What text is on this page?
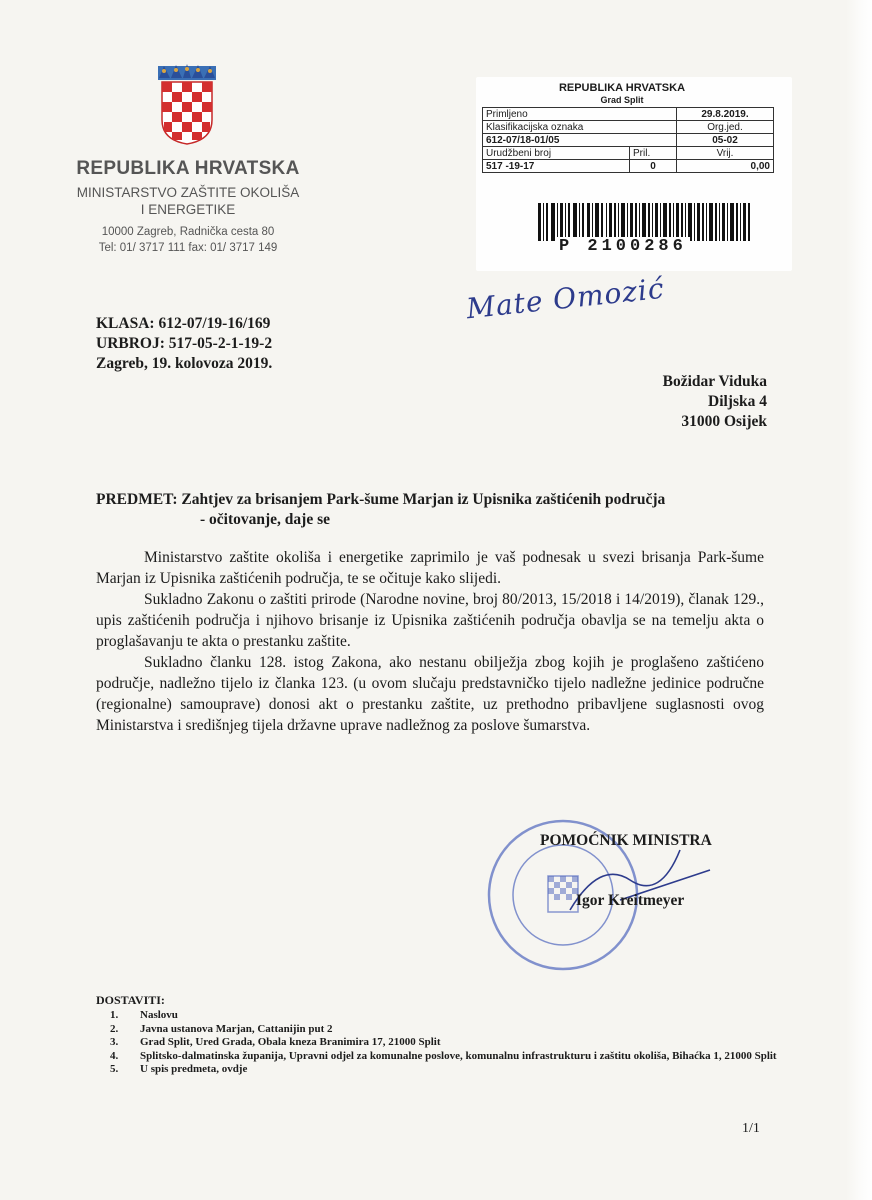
REPUBLIKA HRVATSKA
MINISTARSTVO ZAŠTITE OKOLIŠA
I ENERGETIKE
10000 Zagreb, Radnička cesta 80
Tel: 01/ 3717 111 fax: 01/ 3717 149
REPUBLIKA HRVATSKA
Grad Split
Primljeno		29.8.2019.
Klasifikacijska oznaka		Org.jed.
612-07/18-01/05		05-02
Urudžbeni broj	Pril.	Vrij.
517 -19-17	0	0,00
P 2100286
Mate Omozić
KLASA: 612-07/19-16/169
URBROJ: 517-05-2-1-19-2
Zagreb, 19. kolovoza 2019.
Božidar Viduka
Diljska 4
31000 Osijek
PREDMET: Zahtjev za brisanjem Park-šume Marjan iz Upisnika zaštićenih područja
- očitovanje, daje se

Ministarstvo zaštite okoliša i energetike zaprimilo je vaš podnesak u svezi brisanja Park-šume Marjan iz Upisnika zaštićenih područja, te se očituje kako slijedi.

Sukladno Zakonu o zaštiti prirode (Narodne novine, broj 80/2013, 15/2018 i 14/2019), članak 129., upis zaštićenih područja i njihovo brisanje iz Upisnika zaštićenih područja obavlja se na temelju akta o proglašavanju te akta o prestanku zaštite.

Sukladno članku 128. istog Zakona, ako nestanu obilježja zbog kojih je proglašeno zaštićeno područje, nadležno tijelo iz članka 123. (u ovom slučaju predstavničko tijelo nadležne jedinice područne (regionalne) samouprave) donosi akt o prestanku zaštite, uz prethodno pribavljene suglasnosti ovog Ministarstva i središnjeg tijela državne uprave nadležnog za poslove šumarstva.

POMOĆNIK MINISTRA
Igor Kreitmeyer
DOSTAVITI:
1.	Naslovu
2.	Javna ustanova Marjan, Cattanijin put 2
3.	Grad Split, Ured Grada, Obala kneza Branimira 17, 21000 Split
4.	Splitsko-dalmatinska županija, Upravni odjel za komunalne poslove, komunalnu infrastrukturu i zaštitu okoliša, Bihaćka 1, 21000 Split
5.	U spis predmeta, ovdje
1/1
